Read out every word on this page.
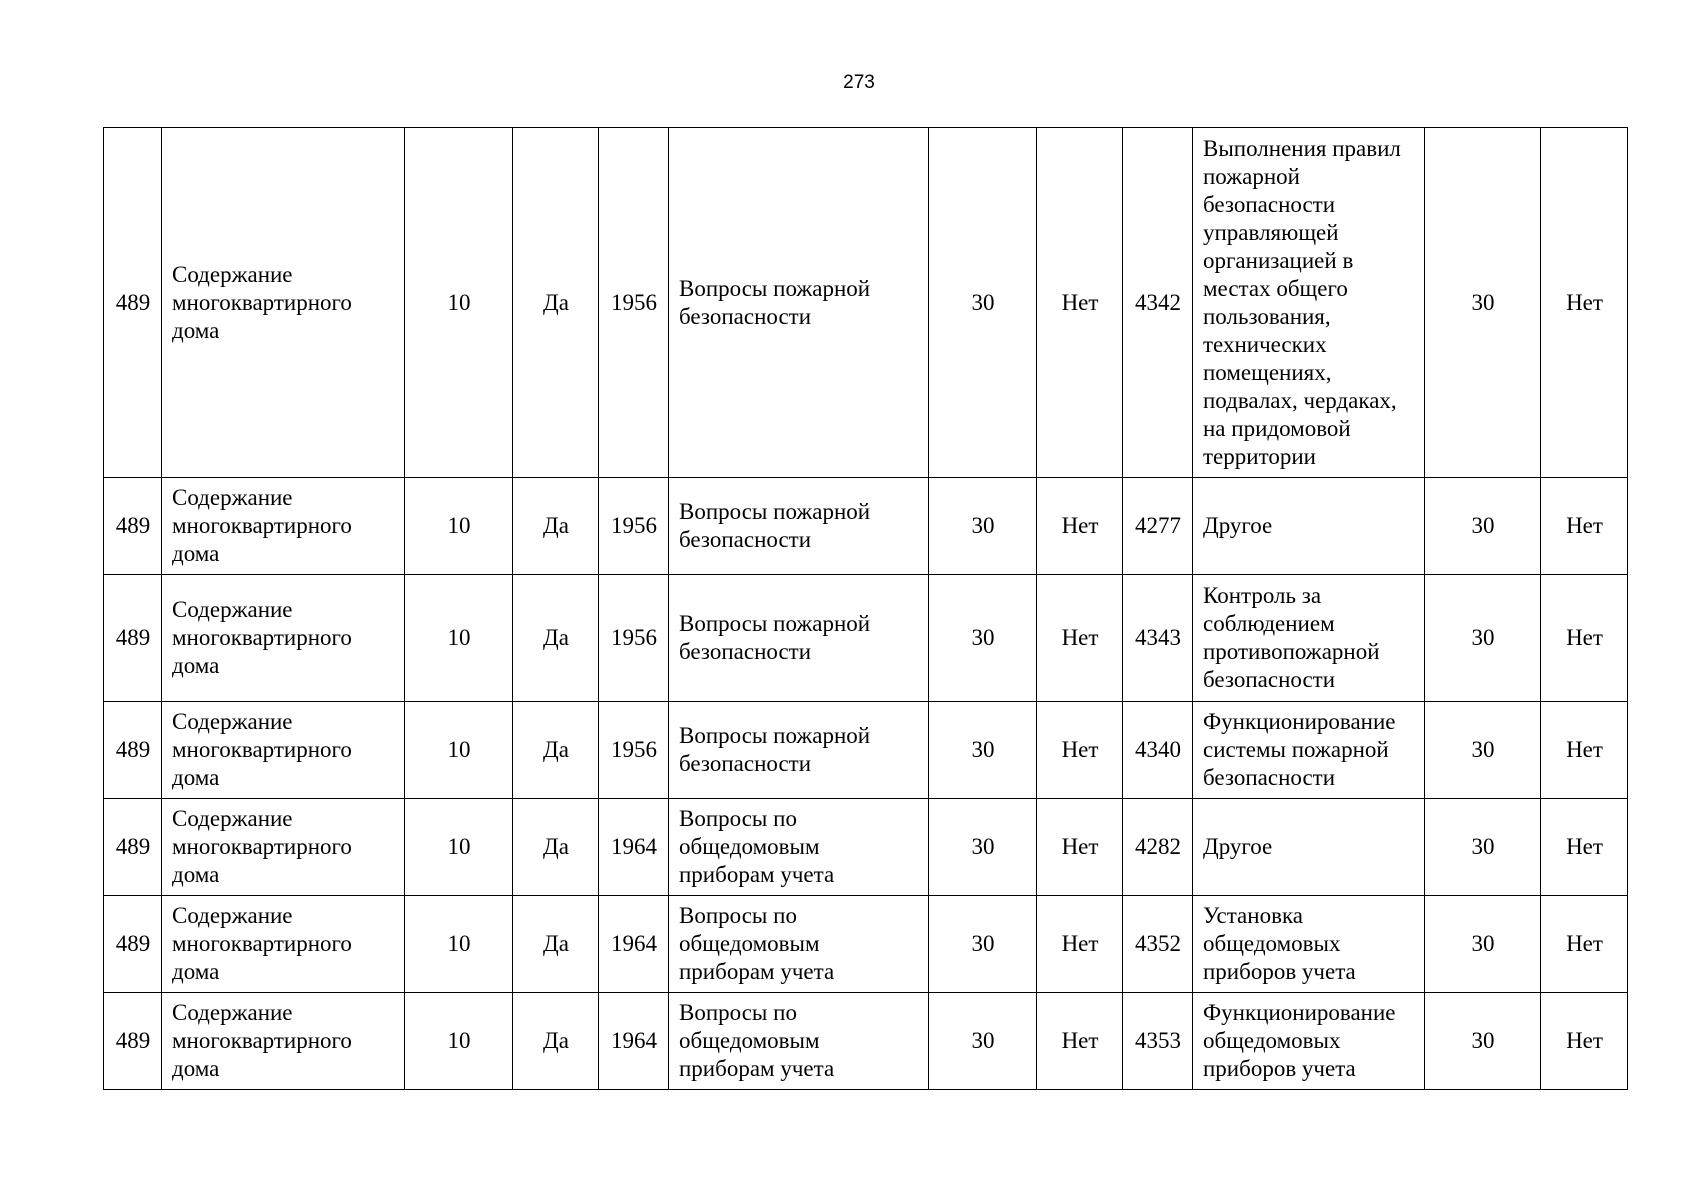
273
489	Содержание многоквартирного дома	10	Да	1956	Вопросы пожарной безопасности	30	Нет	4342	Выполнения правил пожарной безопасности управляющей организацией в местах общего пользования, технических помещениях, подвалах, чердаках, на придомовой территории	30	Нет
489	Содержание многоквартирного дома	10	Да	1956	Вопросы пожарной безопасности	30	Нет	4277	Другое	30	Нет
489	Содержание многоквартирного дома	10	Да	1956	Вопросы пожарной безопасности	30	Нет	4343	Контроль за соблюдением противопожарной безопасности	30	Нет
489	Содержание многоквартирного дома	10	Да	1956	Вопросы пожарной безопасности	30	Нет	4340	Функционирование системы пожарной безопасности	30	Нет
489	Содержание многоквартирного дома	10	Да	1964	Вопросы по общедомовым приборам учета	30	Нет	4282	Другое	30	Нет
489	Содержание многоквартирного дома	10	Да	1964	Вопросы по общедомовым приборам учета	30	Нет	4352	Установка общедомовых приборов учета	30	Нет
489	Содержание многоквартирного дома	10	Да	1964	Вопросы по общедомовым приборам учета	30	Нет	4353	Функционирование общедомовых приборов учета	30	Нет
